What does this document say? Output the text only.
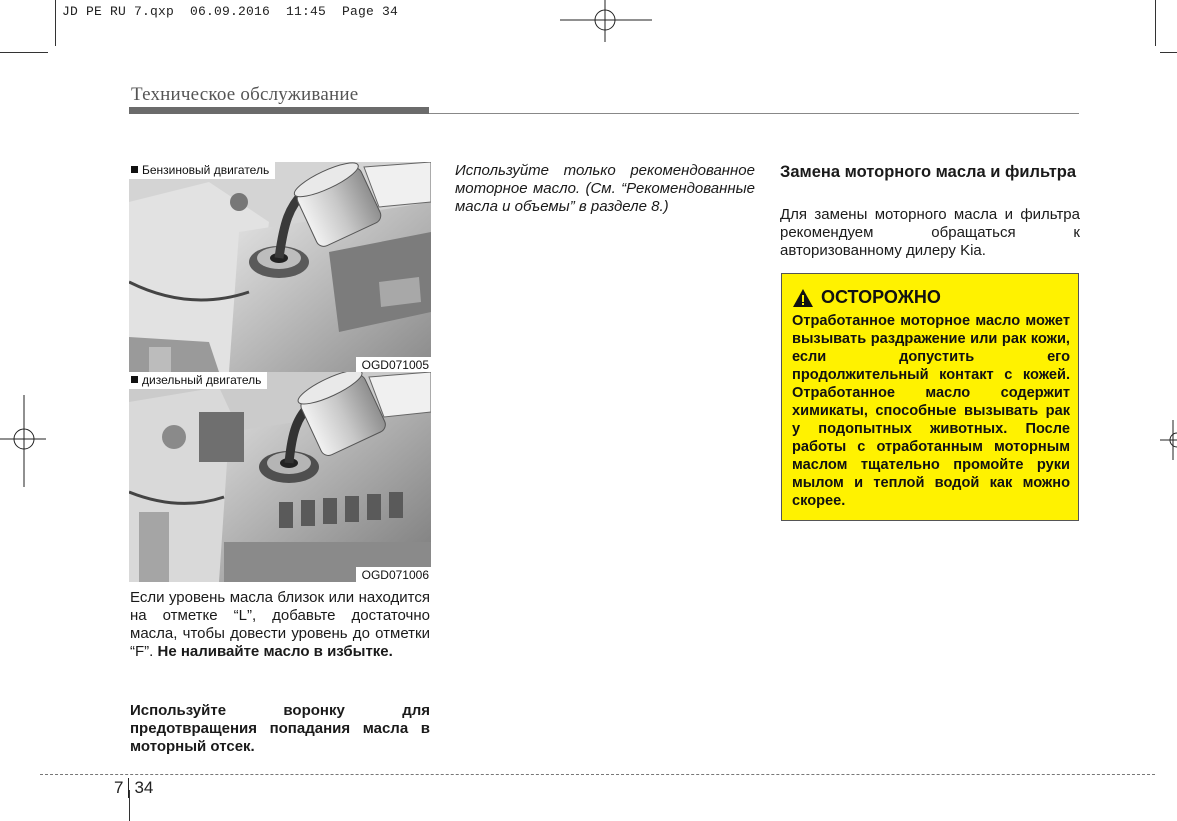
JD PE RU 7.qxp  06.09.2016  11:45  Page 34
Техническое обслуживание
Бензиновый двигатель
OGD071005
дизельный двигатель
OGD071006
Если уровень масла близок или находится на отметке “L”, добавьте достаточно масла, чтобы довести уровень до отметки “F”. Не наливайте масло в избытке.
Используйте воронку для предотвращения попадания масла в моторный отсек.
Используйте только рекомендованное моторное масло. (См. “Рекомендованные масла и объемы” в разделе 8.)
Замена моторного масла и фильтра
Для замены моторного масла и фильтра рекомендуем обращаться к авторизованному дилеру Kia.
ОСТОРОЖНО
Отработанное моторное масло может вызывать раздражение или рак кожи, если допустить его продолжительный контакт с кожей. Отработанное масло содержит химикаты, способные вызывать рак у подопытных животных. После работы с отработанным моторным маслом тщательно промойте руки мылом и теплой водой как можно скорее.
7 34
